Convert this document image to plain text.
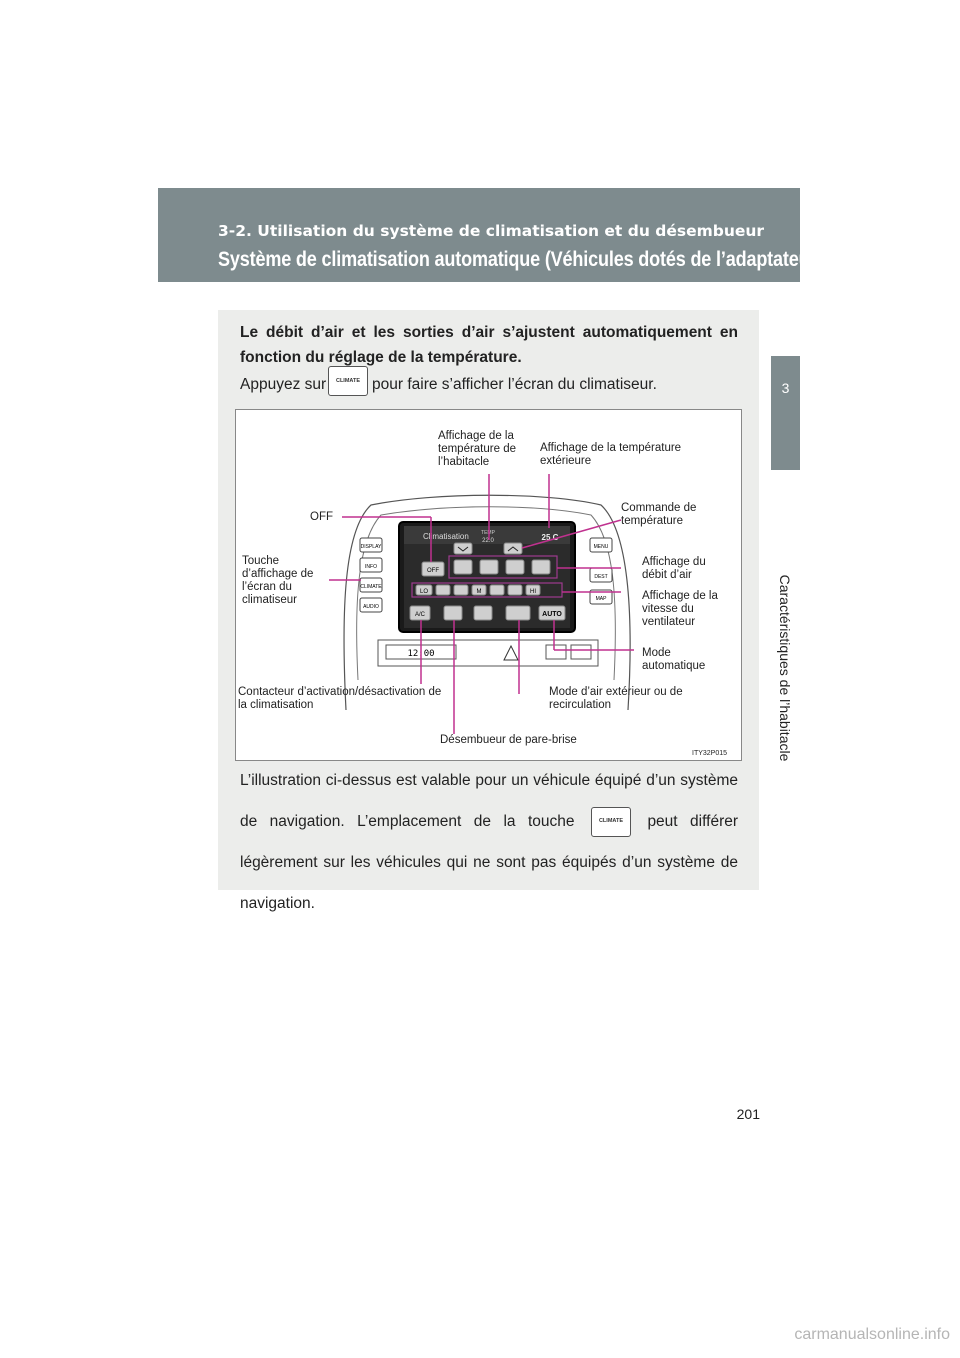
3-2. Utilisation du système de climatisation et du désembueur
Système de climatisation automatique (Véhicules dotés de l’adaptateur AUX)
3
Caractéristiques de l’habitacle
Le débit d’air et les sorties d’air s’ajustent automatiquement en fonction du réglage de la température.
Appuyez sur	CLIMATE pour faire s’afficher l’écran du climatiseur.
DISPLAY
INFO
CLIMATE
AUDIO
MENU
DEST
MAP
Climatisation TEMP
22.0	25 C
OFF
LO	M	HI
A/C	AUTO
12:00
Affichage de la température de l’habitacle
Affichage de la température extérieure
OFF
Commande de température
Touche d’affichage de l’écran du climatiseur
Affichage du débit d’air
Affichage de la vitesse du ventilateur
Mode automatique
Contacteur d’activation/désactivation de la climatisation
Mode d’air extérieur ou de recirculation
Désembueur de pare-brise
ITY32P015
L’illustration ci-dessus est valable pour un véhicule équipé d’un système de navigation. L’emplacement de la touche	CLIMATE peut différer légèrement sur les véhicules qui ne sont pas équipés d’un système de navigation.
201
carmanualsonline.info
